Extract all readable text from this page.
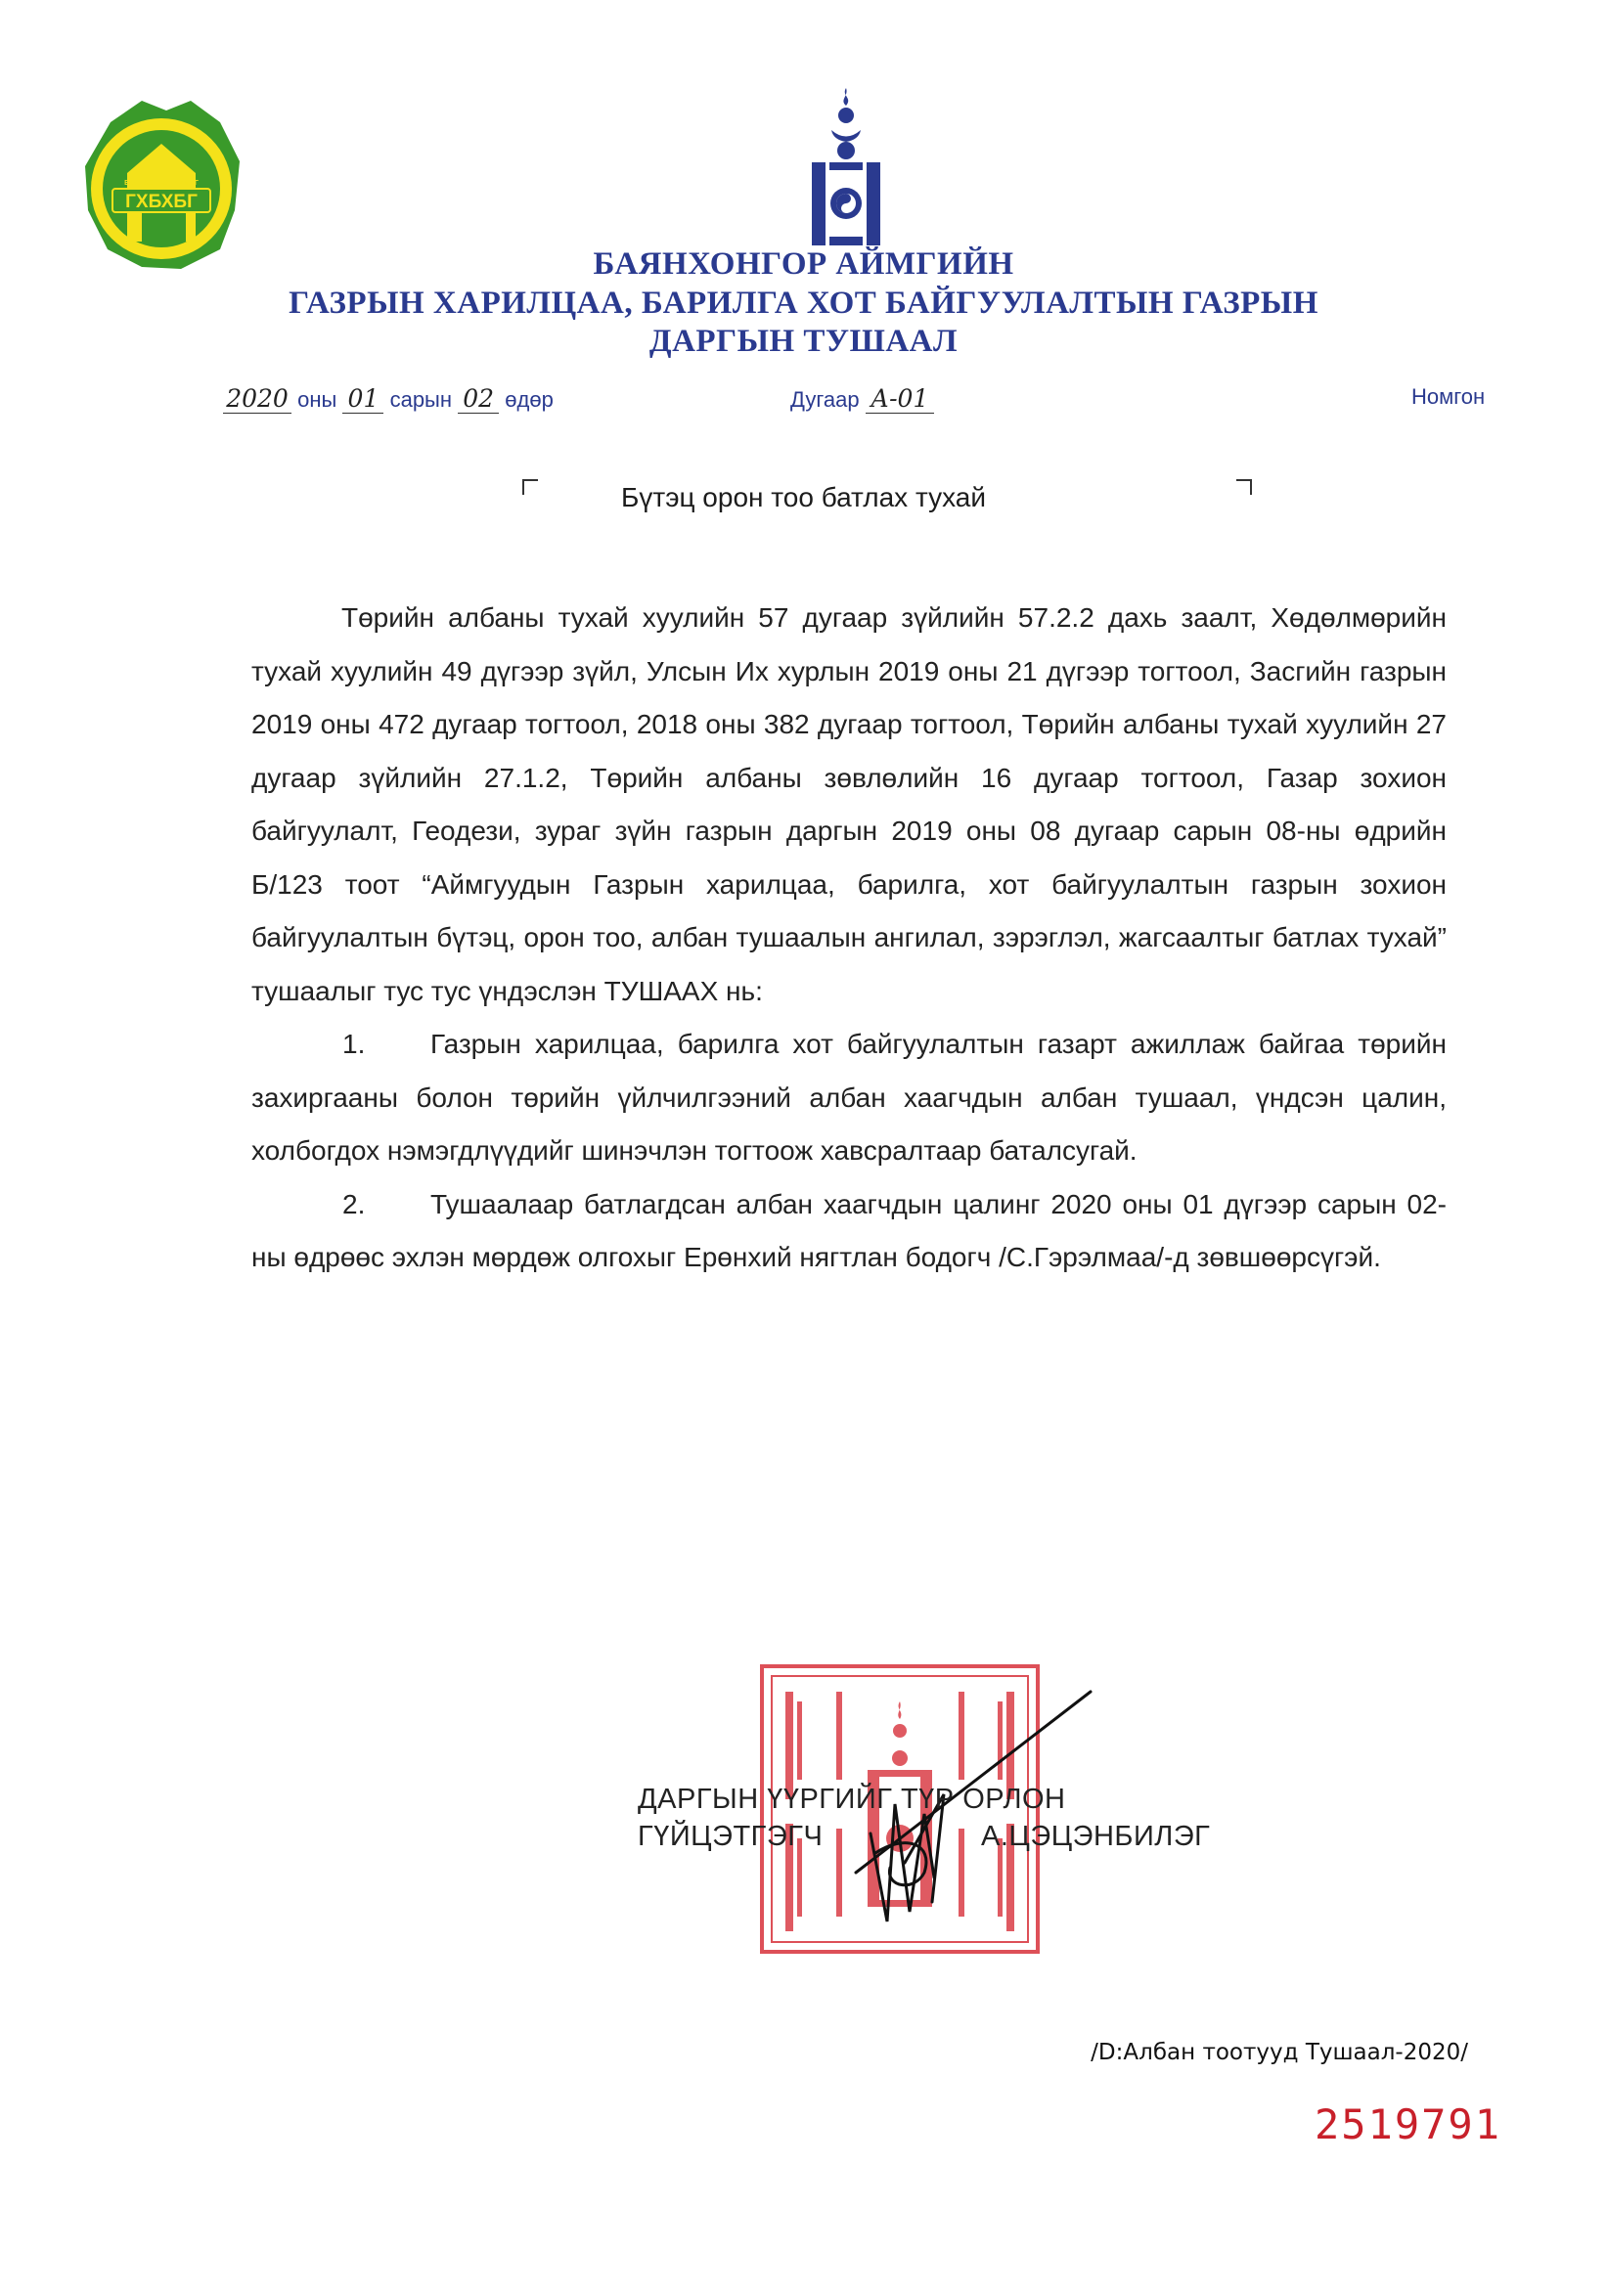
ГХБХБГ
БАЯНХОНГОР АЙМАГ
БАЯНХОНГОР АЙМГИЙН
ГАЗРЫН ХАРИЛЦАА, БАРИЛГА ХОТ БАЙГУУЛАЛТЫН ГАЗРЫН
ДАРГЫН ТУШААЛ
2020 оны 01 сарын 02 өдөр	Дугаар А-01	Номгон
Бүтэц орон тоо батлах тухай

Төрийн албаны тухай хуулийн 57 дугаар зүйлийн 57.2.2 дахь заалт, Хөдөлмөрийн тухай хуулийн 49 дүгээр зүйл, Улсын Их хурлын 2019 оны 21 дүгээр тогтоол, Засгийн газрын 2019 оны 472 дугаар тогтоол, 2018 оны 382 дугаар тогтоол, Төрийн албаны тухай хуулийн 27 дугаар зүйлийн 27.1.2, Төрийн албаны зөвлөлийн 16 дугаар тогтоол, Газар зохион байгуулалт, Геодези, зураг зүйн газрын даргын 2019 оны 08 дугаар сарын 08-ны өдрийн Б/123 тоот “Аймгуудын Газрын харилцаа, барилга, хот байгуулалтын газрын зохион байгуулалтын бүтэц, орон тоо, албан тушаалын ангилал, зэрэглэл, жагсаалтыг батлах тухай” тушаалыг тус тус үндэслэн ТУШААХ нь:

1. Газрын харилцаа, барилга хот байгуулалтын газарт ажиллаж байгаа төрийн захиргааны болон төрийн үйлчилгээний албан хаагчдын албан тушаал, үндсэн цалин, холбогдох нэмэгдлүүдийг шинэчлэн тогтоож хавсралтаар баталсугай.

2. Тушаалаар батлагдсан албан хаагчдын цалинг 2020 оны 01 дүгээр сарын 02-ны өдрөөс эхлэн мөрдөж олгохыг Ерөнхий нягтлан бодогч /С.Гэрэлмаа/-д зөвшөөрсүгэй.

ДАРГЫН ҮҮРГИЙГ ТҮР ОРЛОН
ГҮЙЦЭТГЭГЧ	А.ЦЭЦЭНБИЛЭГ
/D:Албан тоотууд Тушаал-2020/
2519791
